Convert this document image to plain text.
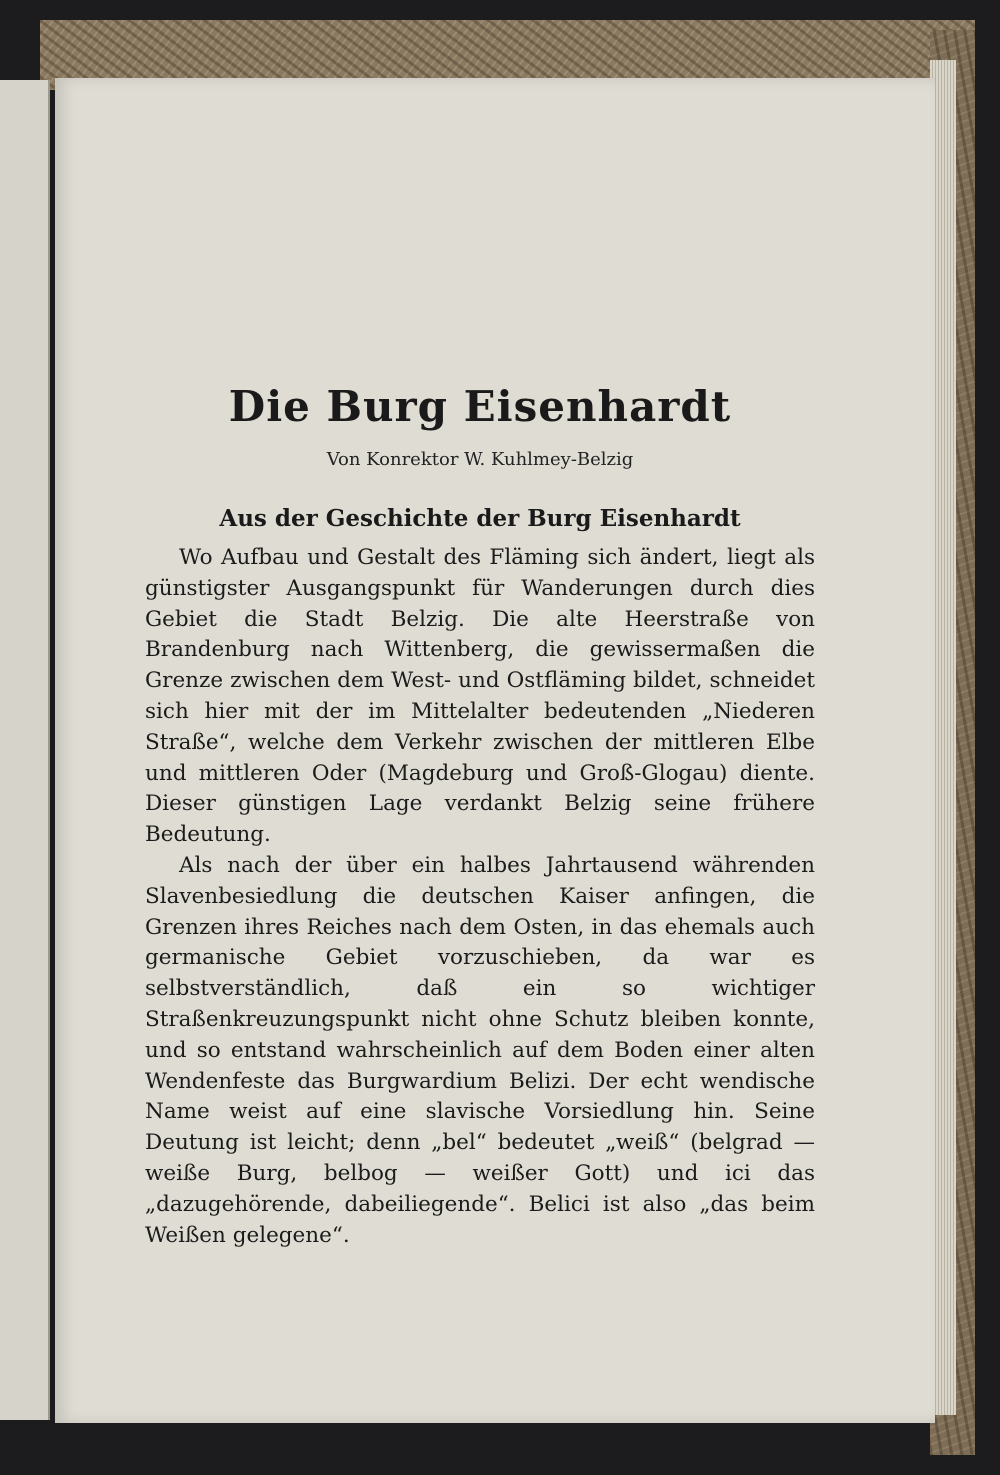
Die Burg Eisenhardt

Von Konrektor W. Kuhlmey-Belzig

Aus der Geschichte der Burg Eisenhardt

Wo Aufbau und Gestalt des Fläming sich ändert, liegt als günstigster Ausgangspunkt für Wanderungen durch dies Gebiet die Stadt Belzig. Die alte Heerstraße von Brandenburg nach Wittenberg, die gewissermaßen die Grenze zwischen dem West- und Ostfläming bildet, schneidet sich hier mit der im Mittelalter bedeutenden „Niederen Straße“, welche dem Verkehr zwischen der mittleren Elbe und mittleren Oder (Magdeburg und Groß-Glogau) diente. Dieser günstigen Lage verdankt Belzig seine frühere Bedeutung.

Als nach der über ein halbes Jahrtausend währenden Slavenbesiedlung die deutschen Kaiser anfingen, die Grenzen ihres Reiches nach dem Osten, in das ehemals auch germanische Gebiet vorzuschieben, da war es selbstverständlich, daß ein so wichtiger Straßenkreuzungspunkt nicht ohne Schutz bleiben konnte, und so entstand wahrscheinlich auf dem Boden einer alten Wendenfeste das Burgwardium Belizi. Der echt wendische Name weist auf eine slavische Vorsiedlung hin. Seine Deutung ist leicht; denn „bel“ bedeutet „weiß“ (belgrad — weiße Burg, belbog — weißer Gott) und ici das „dazugehörende, dabeiliegende“. Belici ist also „das beim Weißen gelegene“.
